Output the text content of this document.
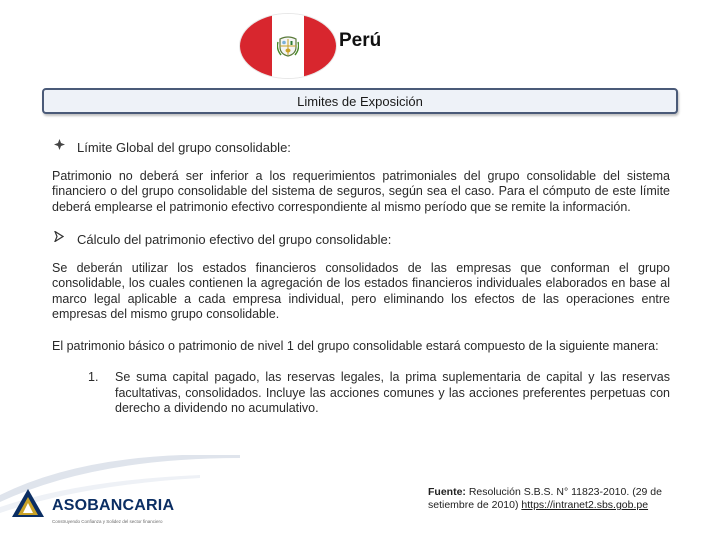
Perú
Limites de Exposición
Límite Global del grupo consolidable:

Patrimonio no deberá ser inferior a los requerimientos patrimoniales del grupo consolidable del sistema financiero o del grupo consolidable del sistema de seguros, según sea el caso. Para el cómputo de este límite deberá emplearse el patrimonio efectivo correspondiente al mismo período que se remite la información.

Cálculo del patrimonio efectivo del grupo consolidable:

Se deberán utilizar los estados financieros consolidados de las empresas que conforman el grupo consolidable, los cuales contienen la agregación de los estados financieros individuales elaborados en base al marco legal aplicable a cada empresa individual, pero eliminando los efectos de las operaciones entre empresas del mismo grupo consolidable.

El patrimonio básico o patrimonio de nivel 1 del grupo consolidable estará compuesto de la siguiente manera:

1.	Se suma capital pagado, las reservas legales, la prima suplementaria de capital y las reservas facultativas, consolidados. Incluye las acciones comunes y las acciones preferentes perpetuas con derecho a dividendo no acumulativo.

ASOBANCARIA
Construyendo Confianza y Solidez del sector financiero
Fuente: Resolución S.B.S. N° 11823-2010. (29 de setiembre de 2010) https://intranet2.sbs.gob.pe
